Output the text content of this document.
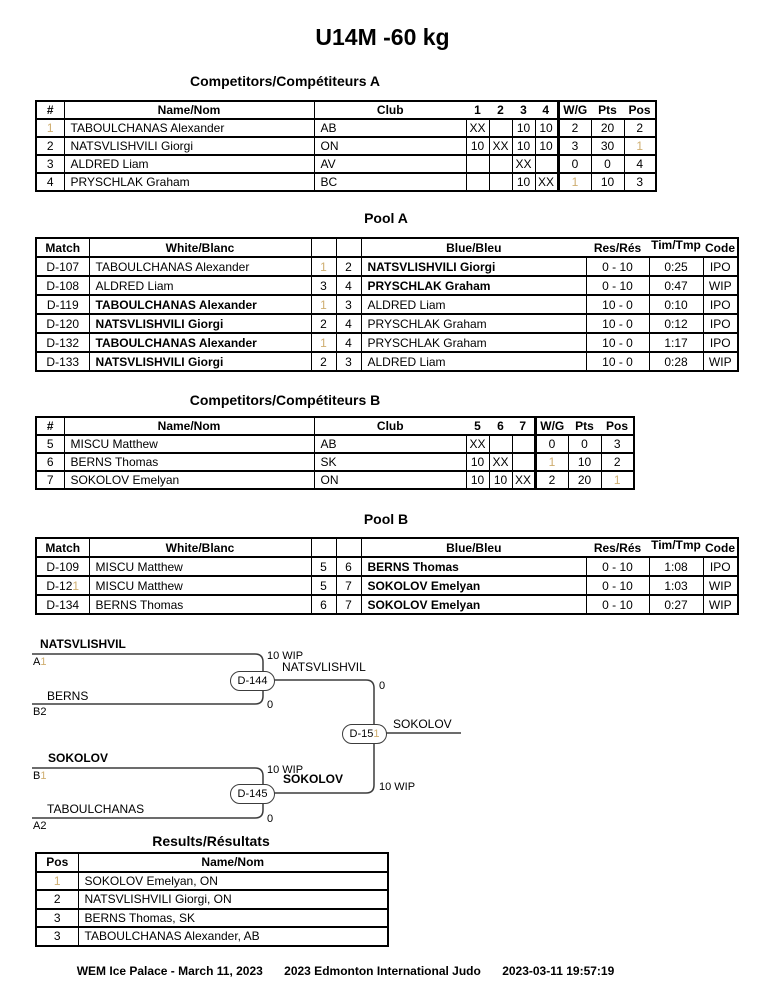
U14M -60 kg
Competitors/Compétiteurs A
#	Name/Nom	Club	1	2	3	4	W/G	Pts	Pos
1	TABOULCHANAS Alexander	AB	XX		10	10	2	20	2
2	NATSVLISHVILI Giorgi	ON	10	XX	10	10	3	30	1
3	ALDRED Liam	AV			XX		0	0	4
4	PRYSCHLAK Graham	BC			10	XX	1	10	3
Pool A
Match	White/Blanc			Blue/Bleu	Res/Rés	Tim/Tmp	Code
D-107	TABOULCHANAS Alexander	1	2	NATSVLISHVILI Giorgi	0 - 10	0:25	IPO
D-108	ALDRED Liam	3	4	PRYSCHLAK Graham	0 - 10	0:47	WIP
D-119	TABOULCHANAS Alexander	1	3	ALDRED Liam	10 - 0	0:10	IPO
D-120	NATSVLISHVILI Giorgi	2	4	PRYSCHLAK Graham	10 - 0	0:12	IPO
D-132	TABOULCHANAS Alexander	1	4	PRYSCHLAK Graham	10 - 0	1:17	IPO
D-133	NATSVLISHVILI Giorgi	2	3	ALDRED Liam	10 - 0	0:28	WIP
Competitors/Compétiteurs B
#	Name/Nom	Club	5	6	7	W/G	Pts	Pos
5	MISCU Matthew	AB	XX			0	0	3
6	BERNS Thomas	SK	10	XX		1	10	2
7	SOKOLOV Emelyan	ON	10	10	XX	2	20	1
Pool B
Match	White/Blanc			Blue/Bleu	Res/Rés	Tim/Tmp	Code
D-109	MISCU Matthew	5	6	BERNS Thomas	0 - 10	1:08	IPO
D-121	MISCU Matthew	5	7	SOKOLOV Emelyan	0 - 10	1:03	WIP
D-134	BERNS Thomas	6	7	SOKOLOV Emelyan	0 - 10	0:27	WIP
NATSVLISHVIL
A1
BERNS
B2
10 WIP
0
NATSVLISHVIL
SOKOLOV
B1
TABOULCHANAS
A2
10 WIP
0
SOKOLOV
0
10 WIP
SOKOLOV
D-144
D-145
D-15 1
Results/Résultats
Pos	Name/Nom
1	SOKOLOV Emelyan, ON
2	NATSVLISHVILI Giorgi, ON
3	BERNS Thomas, SK
3	TABOULCHANAS Alexander, AB
WEM Ice Palace - March 11, 2023 2023 Edmonton International Judo 2023-03-11 19:57:19
